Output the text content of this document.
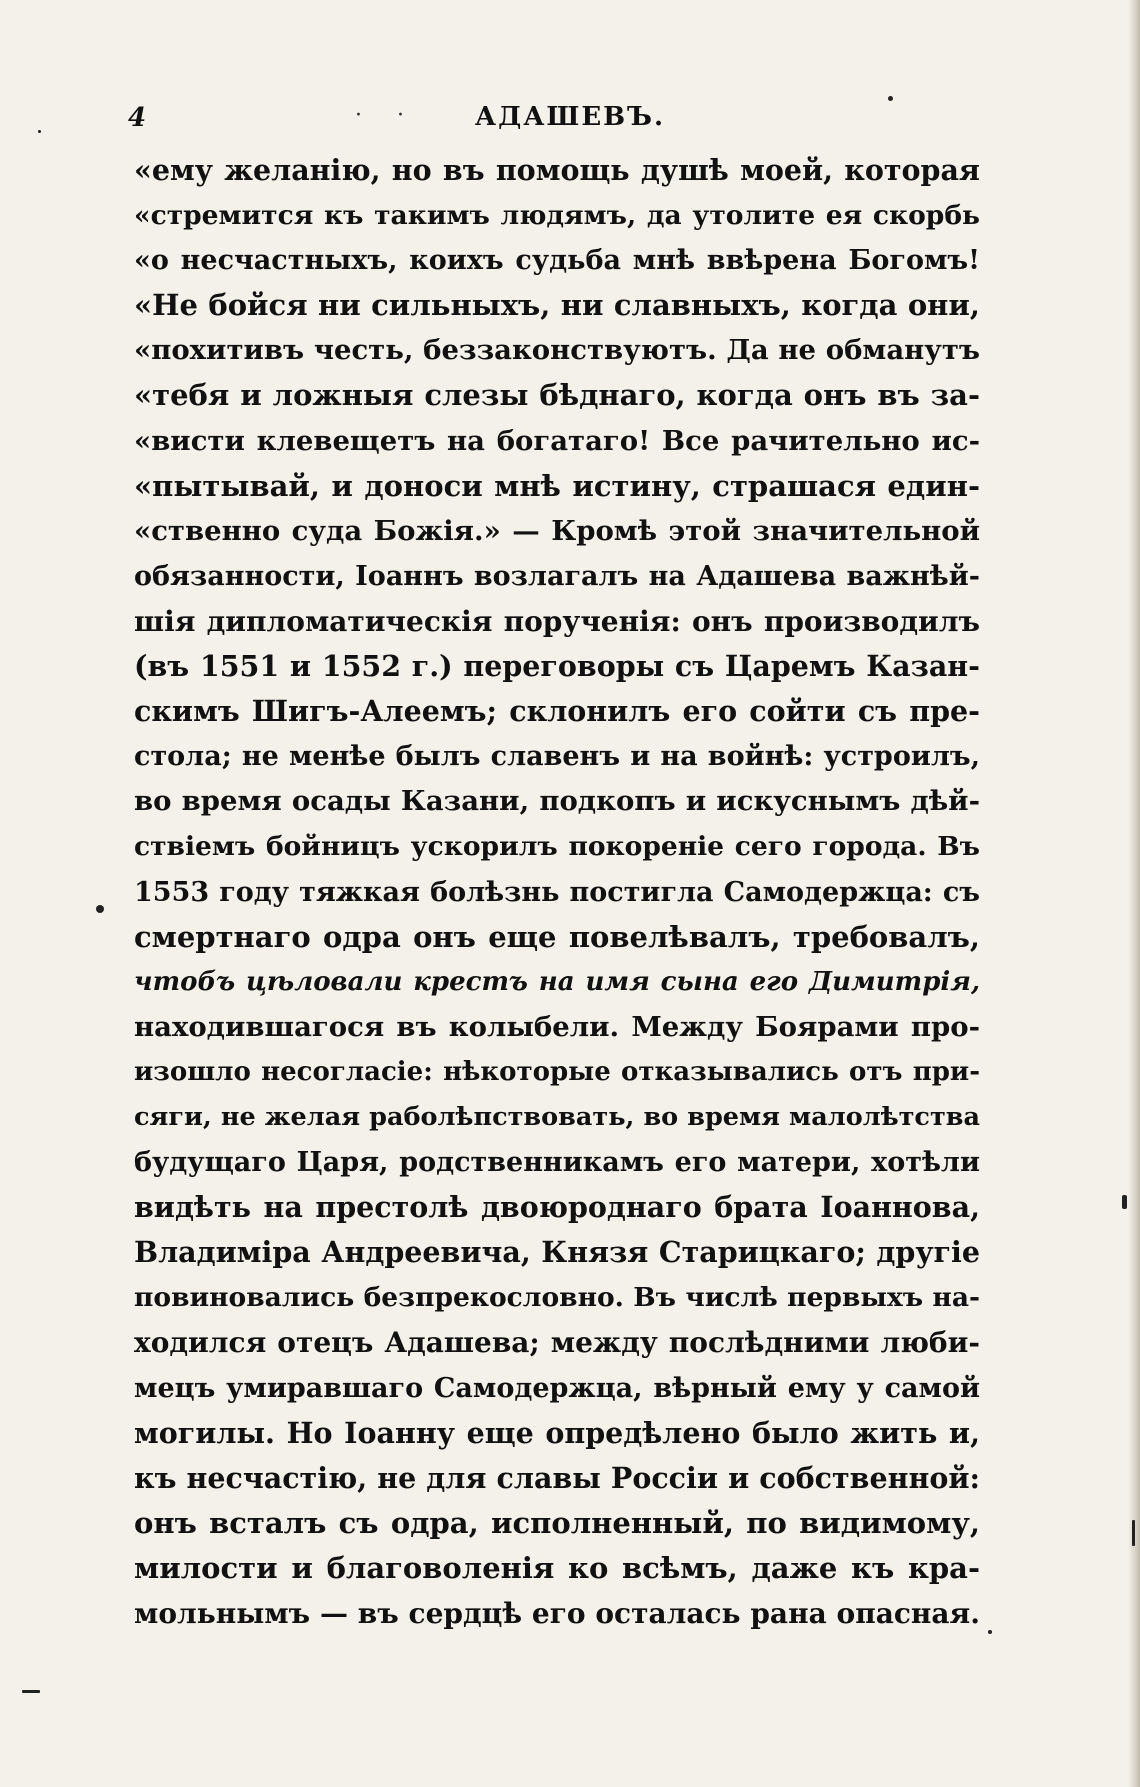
4	· ·	АДАШЕВЪ.
«ему желанію, но въ помощь душѣ моей, которая
«стремится къ такимъ людямъ, да утолите ея скорбь
«о несчастныхъ, коихъ судьба мнѣ ввѣрена Богомъ!
«Не бойся ни сильныхъ, ни славныхъ, когда они,
«похитивъ честь, беззаконствуютъ. Да не обманутъ
«тебя и ложныя слезы бѣднаго, когда онъ въ за-
«висти клевещетъ на богатаго! Все рачительно ис-
«пытывай, и доноси мнѣ истину, страшася един-
«ственно суда Божія.» — Кромѣ этой значительной
обязанности, Іоаннъ возлагалъ на Адашева важнѣй-
шія дипломатическія порученія: онъ производилъ
(въ 1551 и 1552 г.) переговоры съ Царемъ Казан-
скимъ Шигъ-Алеемъ; склонилъ его сойти съ пре-
стола; не менѣе былъ славенъ и на войнѣ: устроилъ,
во время осады Казани, подкопъ и искуснымъ дѣй-
ствіемъ бойницъ ускорилъ покореніе сего города. Въ
1553 году тяжкая болѣзнь постигла Самодержца: съ
смертнаго одра онъ еще повелѣвалъ, требовалъ,
чтобъ цѣловали крестъ на имя сына его Димитрія,
находившагося въ колыбели. Между Боярами про-
изошло несогласіе: нѣкоторые отказывались отъ при-
сяги, не желая раболѣпствовать, во время малолѣтства
будущаго Царя, родственникамъ его матери, хотѣли
видѣть на престолѣ двоюроднаго брата Іоаннова,
Владиміра Андреевича, Князя Старицкаго; другіе
повиновались безпрекословно. Въ числѣ первыхъ на-
ходился отецъ Адашева; между послѣдними люби-
мецъ умиравшаго Самодержца, вѣрный ему у самой
могилы. Но Іоанну еще опредѣлено было жить и,
къ несчастію, не для славы Россіи и собственной:
онъ всталъ съ одра, исполненный, по видимому,
милости и благоволенія ко всѣмъ, даже къ кра-
мольнымъ — въ сердцѣ его осталась рана опасная.
